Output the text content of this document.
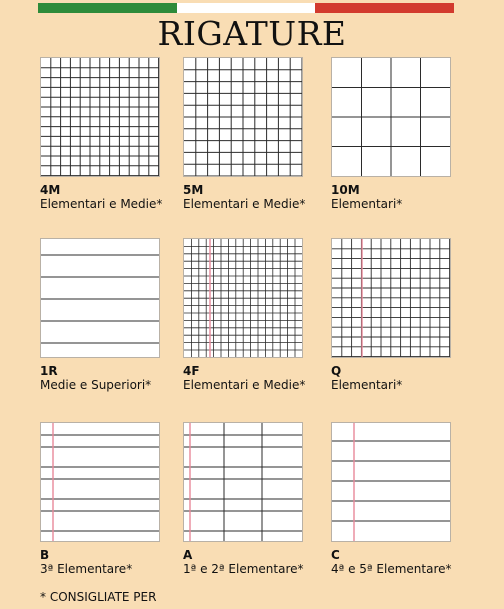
RIGATURE
4M
Elementari e Medie*
5M
Elementari e Medie*
10M
Elementari*
1R
Medie e Superiori*
4F
Elementari e Medie*
Q
Elementari*
B
3ª Elementare*
A
1ª e 2ª Elementare*
C
4ª e 5ª Elementare*
* CONSIGLIATE PER
